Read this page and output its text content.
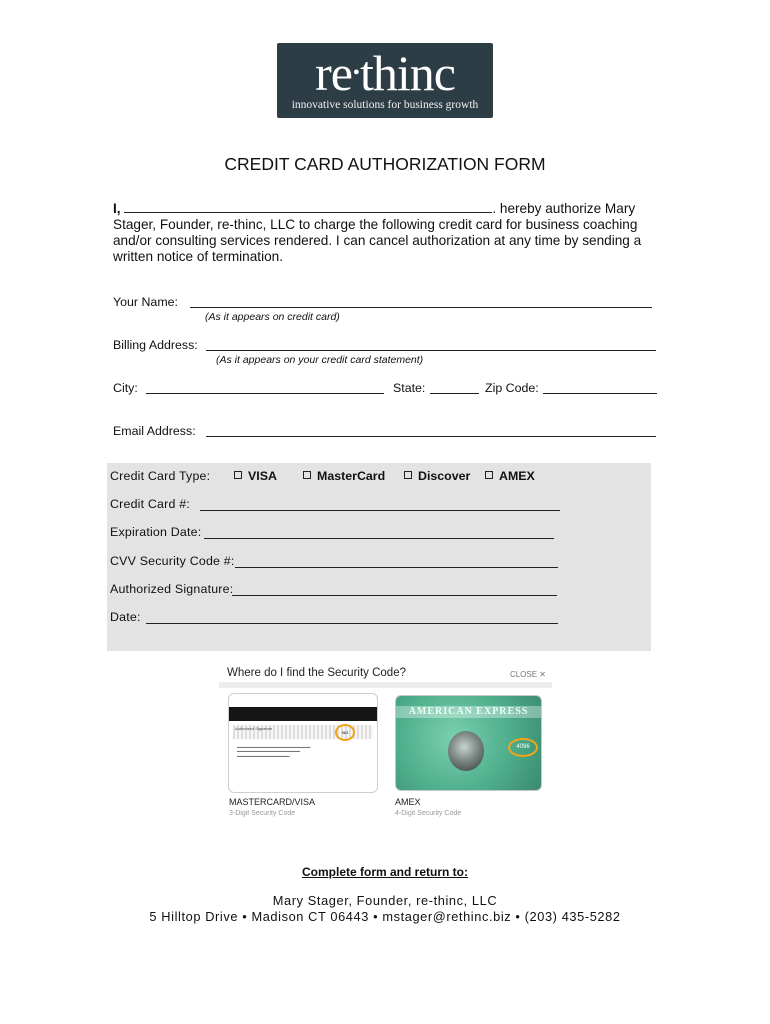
re•thinc
innovative solutions for business growth
CREDIT CARD AUTHORIZATION FORM
I,	. hereby authorize Mary Stager, Founder, re-thinc, LLC to charge the following credit card for business coaching and/or consulting services rendered. I can cancel authorization at any time by sending a written notice of termination.
Your Name:
(As it appears on credit card)
Billing Address:
(As it appears on your credit card statement)
City:	State:	Zip Code:
Email Address:
Credit Card Type:	VISA	MasterCard	Discover	AMEX
Credit Card #:
Expiration Date:
CVV Security Code #:
Authorized Signature:
Date:
Where do I find the Security Code?	CLOSE ✕
Authorized Signature
963
▬▬▬▬▬▬▬▬▬▬▬▬▬▬▬▬▬▬▬▬▬
▬▬▬▬▬▬▬▬▬▬▬▬▬▬▬▬▬▬
▬▬▬▬▬▬▬▬▬▬▬▬▬▬▬
AMERICAN EXPRESS
4096
MASTERCARD/VISA
3-Digit Security Code
AMEX
4-Digit Security Code
Complete form and return to:
Mary Stager, Founder, re-thinc, LLC
5 Hilltop Drive • Madison CT 06443 • mstager@rethinc.biz • (203) 435-5282
